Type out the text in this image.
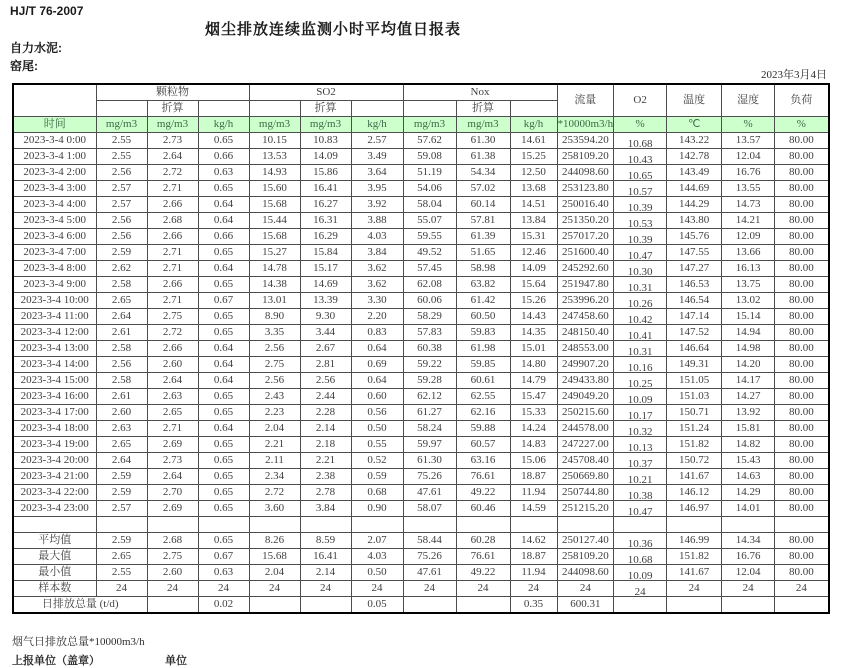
HJ/T 76-2007
烟尘排放连续监测小时平均值日报表
自力水泥:
窑尾:
2023年3月4日
	颗粒物			SO2			Nox			流量	O2	温度	湿度	负荷
		折算			折算			折算						
时间	mg/m3	mg/m3	kg/h	mg/m3	mg/m3	kg/h	mg/m3	mg/m3	kg/h	*10000m3/h	%	℃	%	%
2023-3-4 0:00	2.55	2.73	0.65	10.15	10.83	2.57	57.62	61.30	14.61	253594.20	10.68	143.22	13.57	80.00
2023-3-4 1:00	2.55	2.64	0.66	13.53	14.09	3.49	59.08	61.38	15.25	258109.20	10.43	142.78	12.04	80.00
2023-3-4 2:00	2.56	2.72	0.63	14.93	15.86	3.64	51.19	54.34	12.50	244098.60	10.65	143.49	16.76	80.00
2023-3-4 3:00	2.57	2.71	0.65	15.60	16.41	3.95	54.06	57.02	13.68	253123.80	10.57	144.69	13.55	80.00
2023-3-4 4:00	2.57	2.66	0.64	15.68	16.27	3.92	58.04	60.14	14.51	250016.40	10.39	144.29	14.73	80.00
2023-3-4 5:00	2.56	2.68	0.64	15.44	16.31	3.88	55.07	57.81	13.84	251350.20	10.53	143.80	14.21	80.00
2023-3-4 6:00	2.56	2.66	0.66	15.68	16.29	4.03	59.55	61.39	15.31	257017.20	10.39	145.76	12.09	80.00
2023-3-4 7:00	2.59	2.71	0.65	15.27	15.84	3.84	49.52	51.65	12.46	251600.40	10.47	147.55	13.66	80.00
2023-3-4 8:00	2.62	2.71	0.64	14.78	15.17	3.62	57.45	58.98	14.09	245292.60	10.30	147.27	16.13	80.00
2023-3-4 9:00	2.58	2.66	0.65	14.38	14.69	3.62	62.08	63.82	15.64	251947.80	10.31	146.53	13.75	80.00
2023-3-4 10:00	2.65	2.71	0.67	13.01	13.39	3.30	60.06	61.42	15.26	253996.20	10.26	146.54	13.02	80.00
2023-3-4 11:00	2.64	2.75	0.65	8.90	9.30	2.20	58.29	60.50	14.43	247458.60	10.42	147.14	15.14	80.00
2023-3-4 12:00	2.61	2.72	0.65	3.35	3.44	0.83	57.83	59.83	14.35	248150.40	10.41	147.52	14.94	80.00
2023-3-4 13:00	2.58	2.66	0.64	2.56	2.67	0.64	60.38	61.98	15.01	248553.00	10.31	146.64	14.98	80.00
2023-3-4 14:00	2.56	2.60	0.64	2.75	2.81	0.69	59.22	59.85	14.80	249907.20	10.16	149.31	14.20	80.00
2023-3-4 15:00	2.58	2.64	0.64	2.56	2.56	0.64	59.28	60.61	14.79	249433.80	10.25	151.05	14.17	80.00
2023-3-4 16:00	2.61	2.63	0.65	2.43	2.44	0.60	62.12	62.55	15.47	249049.20	10.09	151.03	14.27	80.00
2023-3-4 17:00	2.60	2.65	0.65	2.23	2.28	0.56	61.27	62.16	15.33	250215.60	10.17	150.71	13.92	80.00
2023-3-4 18:00	2.63	2.71	0.64	2.04	2.14	0.50	58.24	59.88	14.24	244578.00	10.32	151.24	15.81	80.00
2023-3-4 19:00	2.65	2.69	0.65	2.21	2.18	0.55	59.97	60.57	14.83	247227.00	10.13	151.82	14.82	80.00
2023-3-4 20:00	2.64	2.73	0.65	2.11	2.21	0.52	61.30	63.16	15.06	245708.40	10.37	150.72	15.43	80.00
2023-3-4 21:00	2.59	2.64	0.65	2.34	2.38	0.59	75.26	76.61	18.87	250669.80	10.21	141.67	14.63	80.00
2023-3-4 22:00	2.59	2.70	0.65	2.72	2.78	0.68	47.61	49.22	11.94	250744.80	10.38	146.12	14.29	80.00
2023-3-4 23:00	2.57	2.69	0.65	3.60	3.84	0.90	58.07	60.46	14.59	251215.20	10.47	146.97	14.01	80.00

平均值	2.59	2.68	0.65	8.26	8.59	2.07	58.44	60.28	14.62	250127.40	10.36	146.99	14.34	80.00
最大值	2.65	2.75	0.67	15.68	16.41	4.03	75.26	76.61	18.87	258109.20	10.68	151.82	16.76	80.00
最小值	2.55	2.60	0.63	2.04	2.14	0.50	47.61	49.22	11.94	244098.60	10.09	141.67	12.04	80.00
样本数	24	24	24	24	24	24	24	24	24	24	24	24	24	24
日排放总量 (t/d)			0.02			0.05			0.35	600.31				
烟气日排放总量*10000m3/h
上报单位（盖章）	单位
